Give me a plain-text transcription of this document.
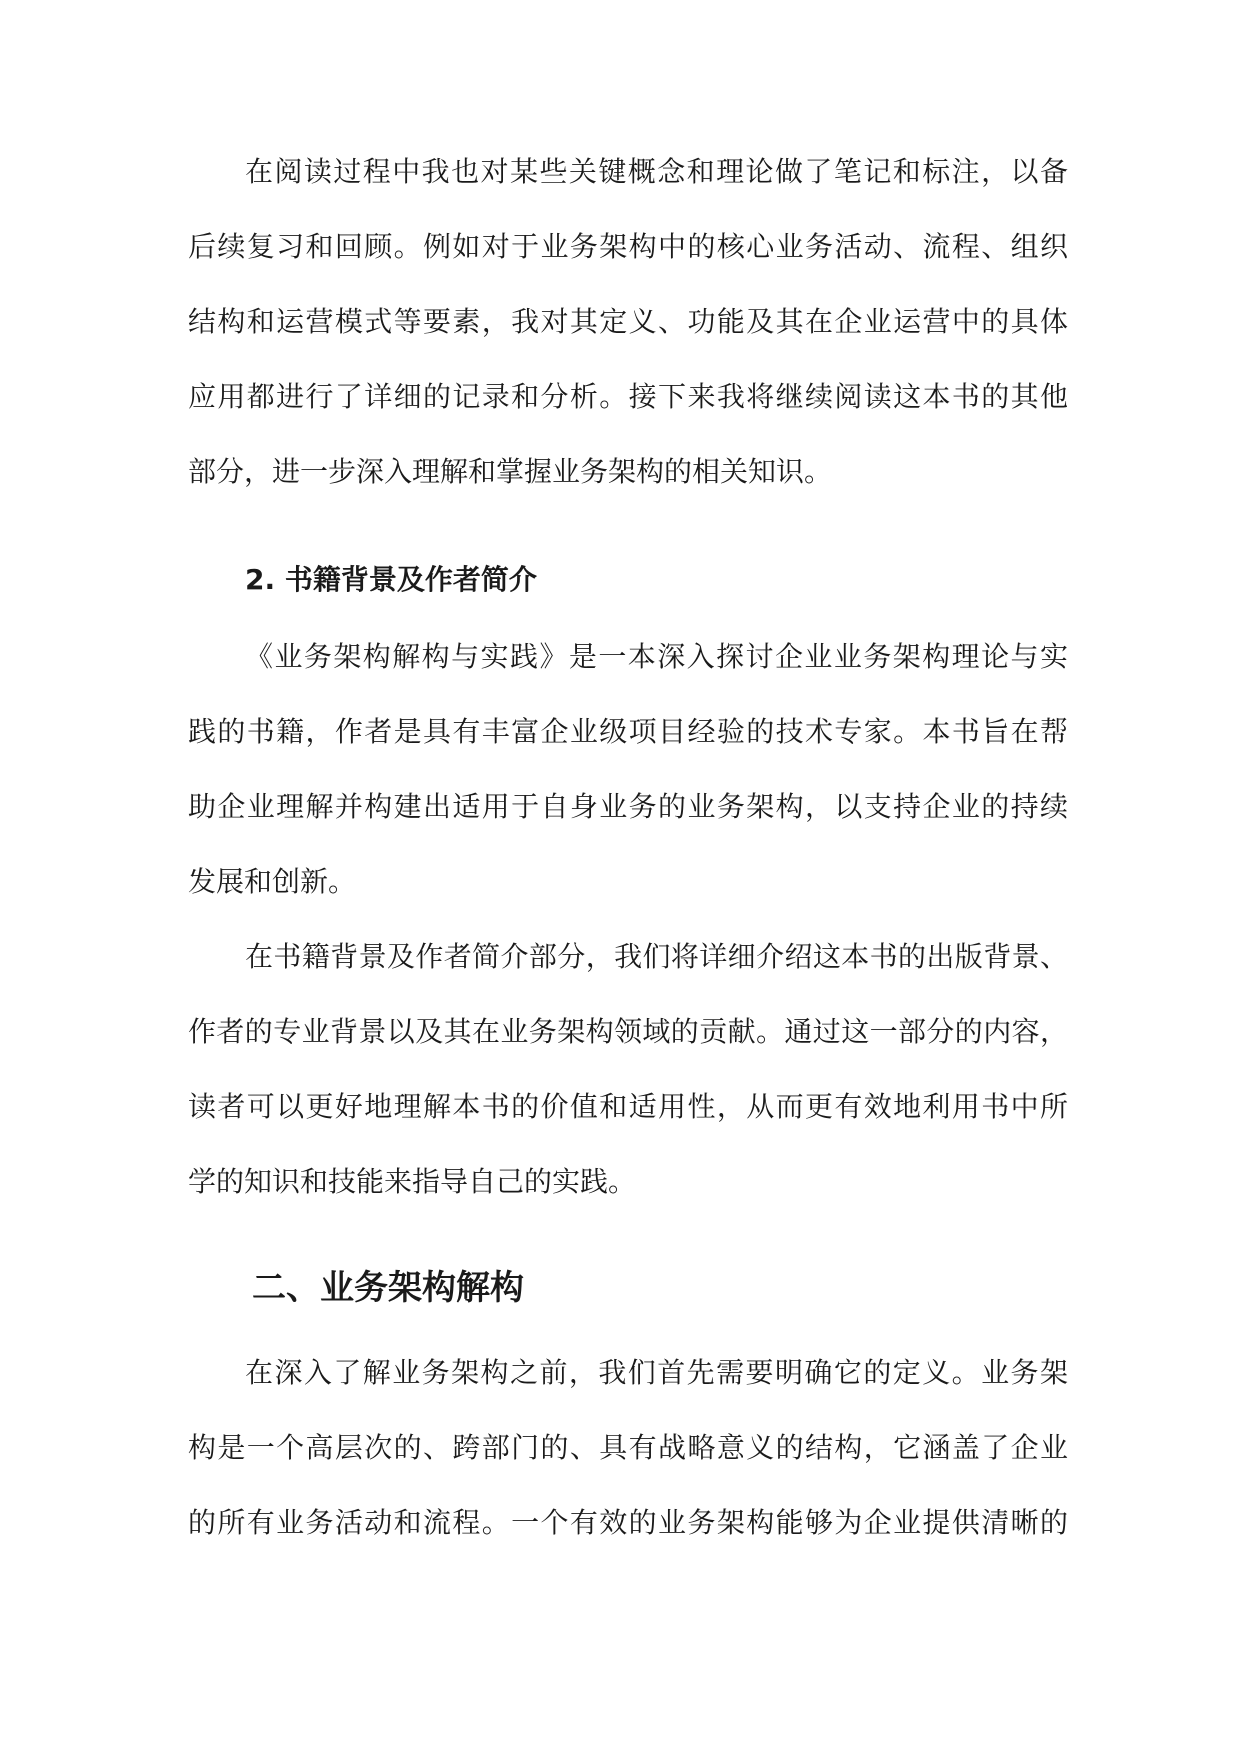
在阅读过程中我也对某些关键概念和理论做了笔记和标注，以备
后续复习和回顾。例如对于业务架构中的核心业务活动、流程、组织
结构和运营模式等要素，我对其定义、功能及其在企业运营中的具体
应用都进行了详细的记录和分析。接下来我将继续阅读这本书的其他
部分，进一步深入理解和掌握业务架构的相关知识。
2. 书籍背景及作者简介
《业务架构解构与实践》是一本深入探讨企业业务架构理论与实
践的书籍，作者是具有丰富企业级项目经验的技术专家。本书旨在帮
助企业理解并构建出适用于自身业务的业务架构，以支持企业的持续
发展和创新。
在书籍背景及作者简介部分，我们将详细介绍这本书的出版背景、
作者的专业背景以及其在业务架构领域的贡献。通过这一部分的内容，
读者可以更好地理解本书的价值和适用性，从而更有效地利用书中所
学的知识和技能来指导自己的实践。
二、业务架构解构
在深入了解业务架构之前，我们首先需要明确它的定义。业务架
构是一个高层次的、跨部门的、具有战略意义的结构，它涵盖了企业
的所有业务活动和流程。一个有效的业务架构能够为企业提供清晰的
